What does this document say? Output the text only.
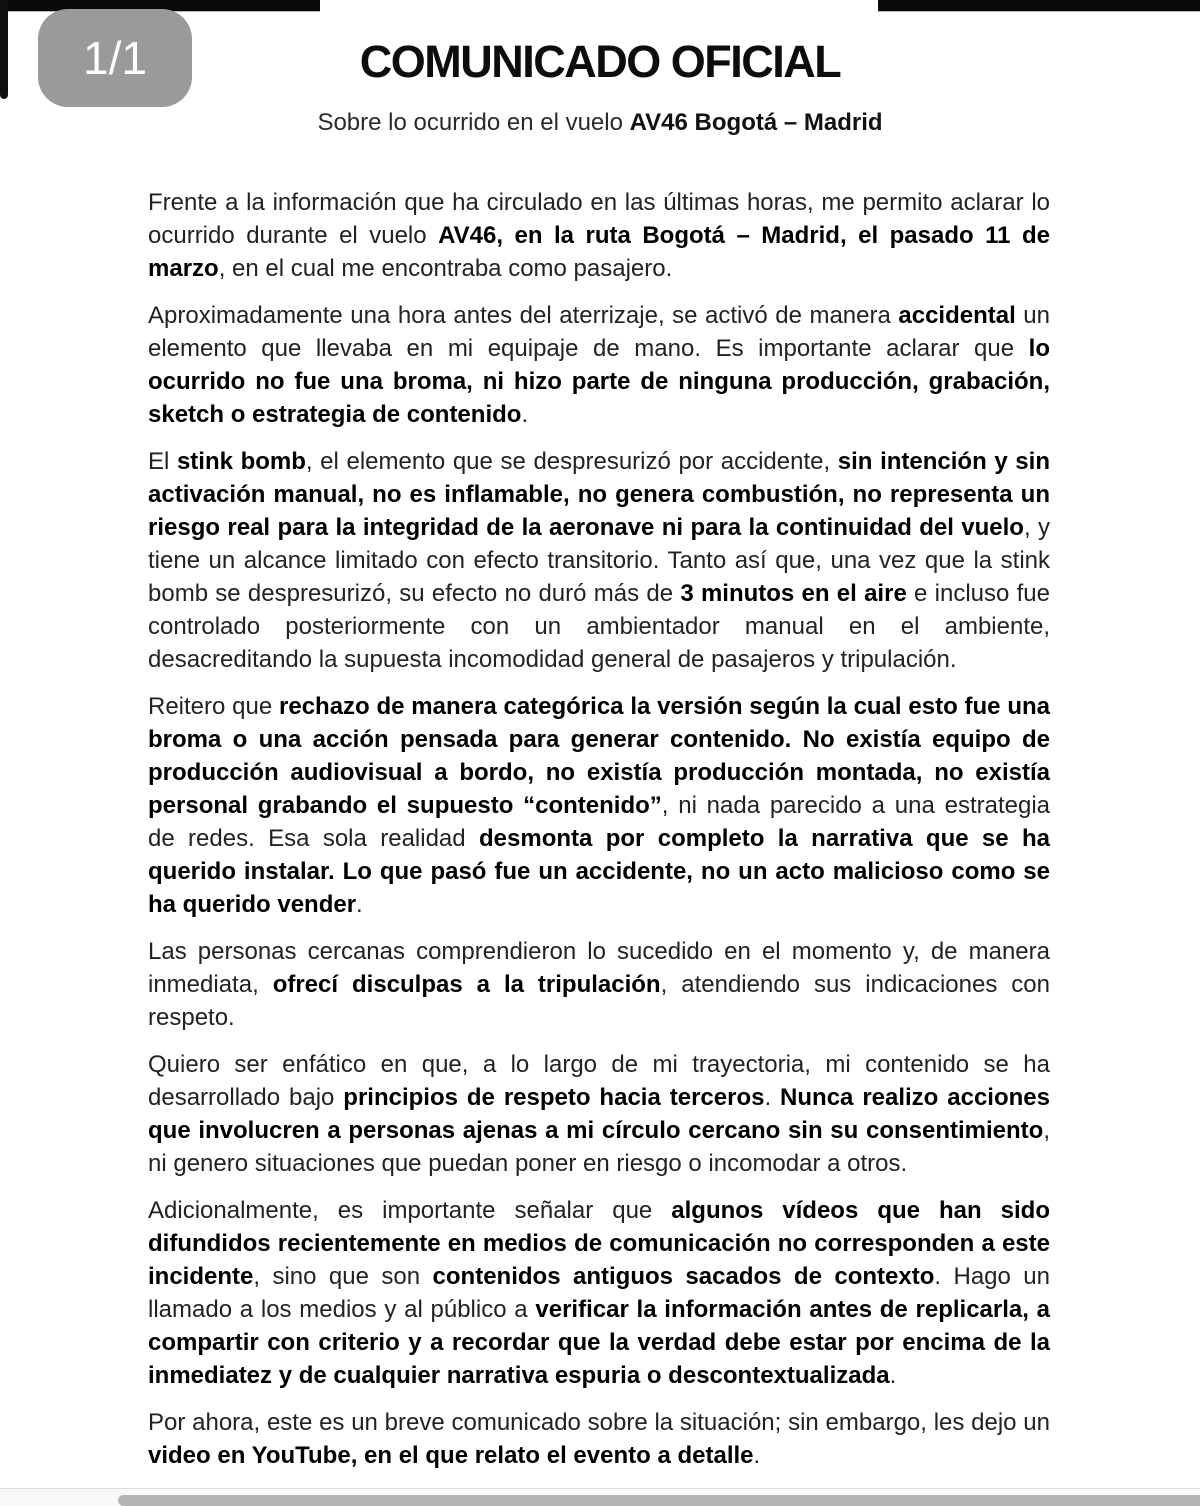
1/1	COMUNICADO OFICIAL
Sobre lo ocurrido en el vuelo AV46 Bogotá – Madrid

Frente a la información que ha circulado en las últimas horas, me permito aclarar lo ocurrido durante el vuelo AV46, en la ruta Bogotá – Madrid, el pasado 11 de marzo, en el cual me encontraba como pasajero.

Aproximadamente una hora antes del aterrizaje, se activó de manera accidental un elemento que llevaba en mi equipaje de mano. Es importante aclarar que lo ocurrido no fue una broma, ni hizo parte de ninguna producción, grabación, sketch o estrategia de contenido.

El stink bomb, el elemento que se despresurizó por accidente, sin intención y sin activación manual, no es inflamable, no genera combustión, no representa un riesgo real para la integridad de la aeronave ni para la continuidad del vuelo, y tiene un alcance limitado con efecto transitorio. Tanto así que, una vez que la stink bomb se despresurizó, su efecto no duró más de 3 minutos en el aire e incluso fue controlado posteriormente con un ambientador manual en el ambiente, desacreditando la supuesta incomodidad general de pasajeros y tripulación.

Reitero que rechazo de manera categórica la versión según la cual esto fue una broma o una acción pensada para generar contenido. No existía equipo de producción audiovisual a bordo, no existía producción montada, no existía personal grabando el supuesto “contenido”, ni nada parecido a una estrategia de redes. Esa sola realidad desmonta por completo la narrativa que se ha querido instalar. Lo que pasó fue un accidente, no un acto malicioso como se ha querido vender.

Las personas cercanas comprendieron lo sucedido en el momento y, de manera inmediata, ofrecí disculpas a la tripulación, atendiendo sus indicaciones con respeto.

Quiero ser enfático en que, a lo largo de mi trayectoria, mi contenido se ha desarrollado bajo principios de respeto hacia terceros. Nunca realizo acciones que involucren a personas ajenas a mi círculo cercano sin su consentimiento, ni genero situaciones que puedan poner en riesgo o incomodar a otros.

Adicionalmente, es importante señalar que algunos vídeos que han sido difundidos recientemente en medios de comunicación no corresponden a este incidente, sino que son contenidos antiguos sacados de contexto. Hago un llamado a los medios y al público a verificar la información antes de replicarla, a compartir con criterio y a recordar que la verdad debe estar por encima de la inmediatez y de cualquier narrativa espuria o descontextualizada.

Por ahora, este es un breve comunicado sobre la situación; sin embargo, les dejo un video en YouTube, en el que relato el evento a detalle.
